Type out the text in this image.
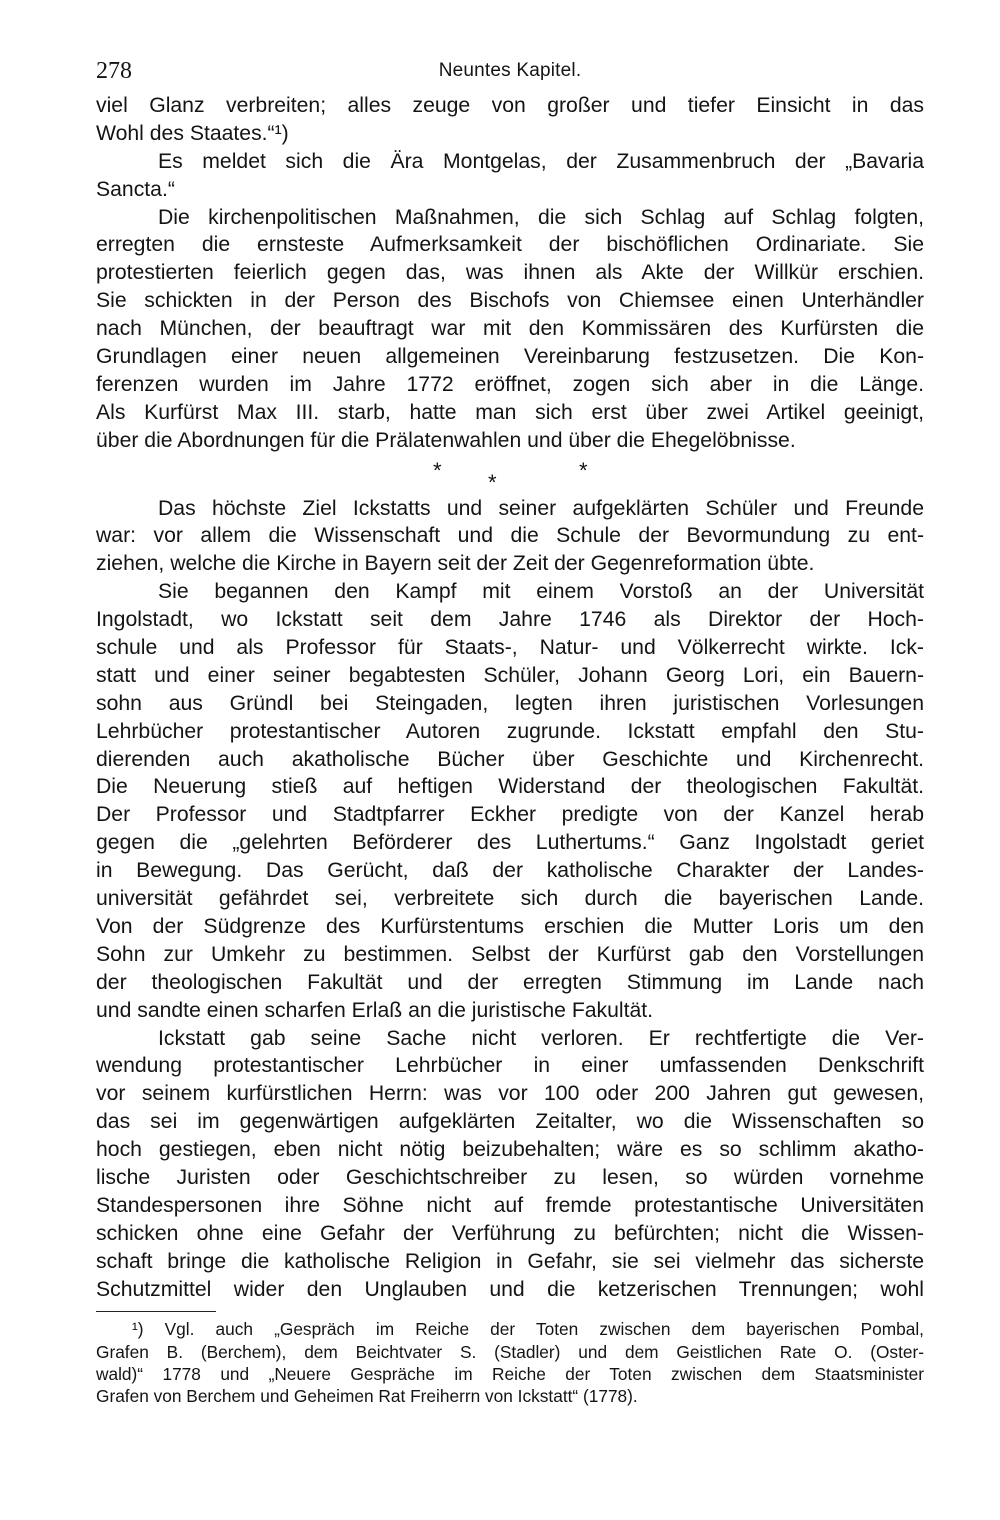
278	Neuntes Kapitel.
viel Glanz verbreiten; alles zeuge von großer und tiefer Einsicht in das
Wohl des Staates.“¹)
Es meldet sich die Ära Montgelas, der Zusammenbruch der „Bavaria
Sancta.“
Die kirchenpolitischen Maßnahmen, die sich Schlag auf Schlag folgten,
erregten die ernsteste Aufmerksamkeit der bischöflichen Ordinariate. Sie
protestierten feierlich gegen das, was ihnen als Akte der Willkür erschien.
Sie schickten in der Person des Bischofs von Chiemsee einen Unterhändler
nach München, der beauftragt war mit den Kommissären des Kurfürsten die
Grundlagen einer neuen allgemeinen Vereinbarung festzusetzen. Die Kon-
ferenzen wurden im Jahre 1772 eröffnet, zogen sich aber in die Länge.
Als Kurfürst Max III. starb, hatte man sich erst über zwei Artikel geeinigt,
über die Abordnungen für die Prälatenwahlen und über die Ehegelöbnisse.
* *	*
Das höchste Ziel Ickstatts und seiner aufgeklärten Schüler und Freunde
war: vor allem die Wissenschaft und die Schule der Bevormundung zu ent-
ziehen, welche die Kirche in Bayern seit der Zeit der Gegenreformation übte.
Sie begannen den Kampf mit einem Vorstoß an der Universität
Ingolstadt, wo Ickstatt seit dem Jahre 1746 als Direktor der Hoch-
schule und als Professor für Staats-, Natur- und Völkerrecht wirkte. Ick-
statt und einer seiner begabtesten Schüler, Johann Georg Lori, ein Bauern-
sohn aus Gründl bei Steingaden, legten ihren juristischen Vorlesungen
Lehrbücher protestantischer Autoren zugrunde. Ickstatt empfahl den Stu-
dierenden auch akatholische Bücher über Geschichte und Kirchenrecht.
Die Neuerung stieß auf heftigen Widerstand der theologischen Fakultät.
Der Professor und Stadtpfarrer Eckher predigte von der Kanzel herab
gegen die „gelehrten Beförderer des Luthertums.“ Ganz Ingolstadt geriet
in Bewegung. Das Gerücht, daß der katholische Charakter der Landes-
universität gefährdet sei, verbreitete sich durch die bayerischen Lande.
Von der Südgrenze des Kurfürstentums erschien die Mutter Loris um den
Sohn zur Umkehr zu bestimmen. Selbst der Kurfürst gab den Vorstellungen
der theologischen Fakultät und der erregten Stimmung im Lande nach
und sandte einen scharfen Erlaß an die juristische Fakultät.
Ickstatt gab seine Sache nicht verloren. Er rechtfertigte die Ver-
wendung protestantischer Lehrbücher in einer umfassenden Denkschrift
vor seinem kurfürstlichen Herrn: was vor 100 oder 200 Jahren gut gewesen,
das sei im gegenwärtigen aufgeklärten Zeitalter, wo die Wissenschaften so
hoch gestiegen, eben nicht nötig beizubehalten; wäre es so schlimm akatho-
lische Juristen oder Geschichtschreiber zu lesen, so würden vornehme
Standespersonen ihre Söhne nicht auf fremde protestantische Universitäten
schicken ohne eine Gefahr der Verführung zu befürchten; nicht die Wissen-
schaft bringe die katholische Religion in Gefahr, sie sei vielmehr das sicherste
Schutzmittel wider den Unglauben und die ketzerischen Trennungen; wohl
¹) Vgl. auch „Gespräch im Reiche der Toten zwischen dem bayerischen Pombal,
Grafen B. (Berchem), dem Beichtvater S. (Stadler) und dem Geistlichen Rate O. (Oster-
wald)“ 1778 und „Neuere Gespräche im Reiche der Toten zwischen dem Staatsminister
Grafen von Berchem und Geheimen Rat Freiherrn von Ickstatt“ (1778).
